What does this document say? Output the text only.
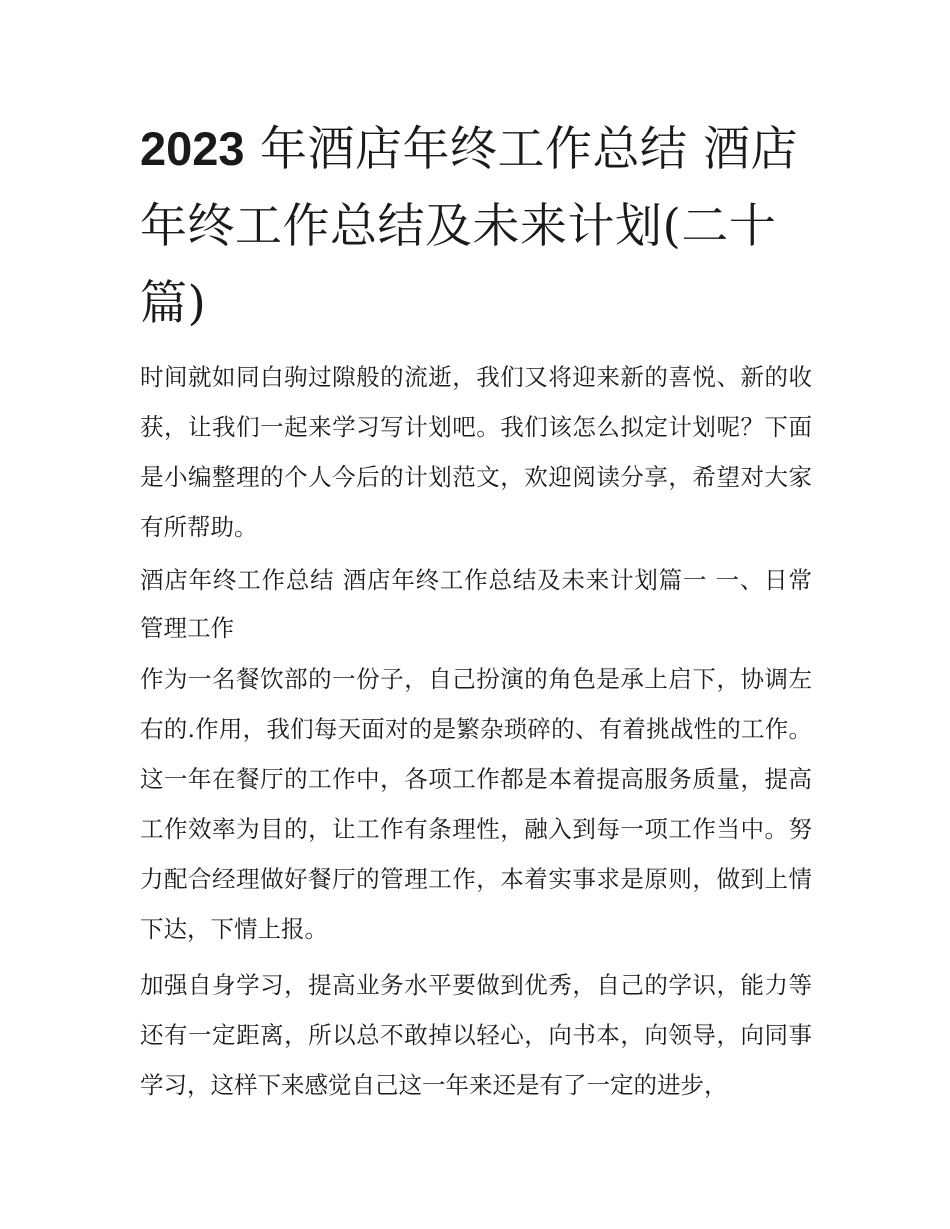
2023 年酒店年终工作总结 酒店年终工作总结及未来计划(二十篇)

时间就如同白驹过隙般的流逝，我们又将迎来新的喜悦、新的收获，让我们一起来学习写计划吧。我们该怎么拟定计划呢？下面是小编整理的个人今后的计划范文，欢迎阅读分享，希望对大家有所帮助。

酒店年终工作总结 酒店年终工作总结及未来计划篇一 一、日常管理工作

作为一名餐饮部的一份子，自己扮演的角色是承上启下，协调左右的.作用，我们每天面对的是繁杂琐碎的、有着挑战性的工作。这一年在餐厅的工作中，各项工作都是本着提高服务质量，提高工作效率为目的，让工作有条理性，融入到每一项工作当中。努力配合经理做好餐厅的管理工作，本着实事求是原则，做到上情下达，下情上报。

加强自身学习，提高业务水平要做到优秀，自己的学识，能力等还有一定距离，所以总不敢掉以轻心，向书本，向领导，向同事学习，这样下来感觉自己这一年来还是有了一定的进步，
